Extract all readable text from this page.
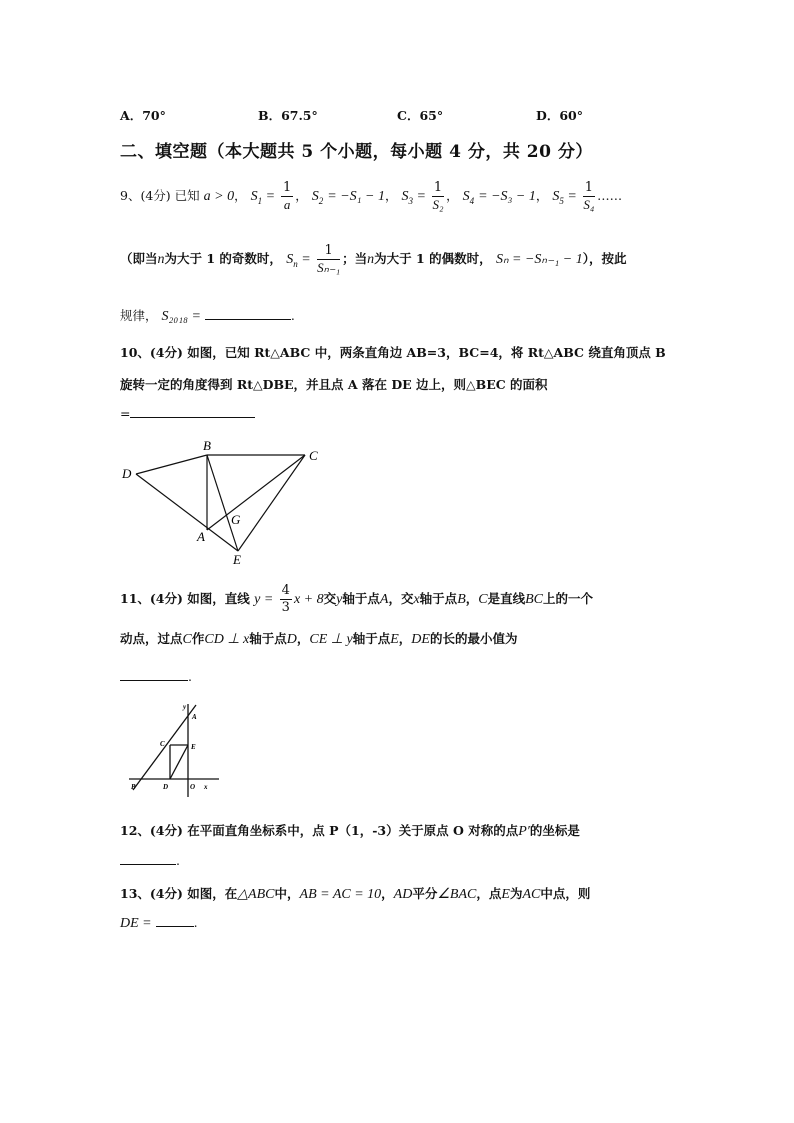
A．70°	B．67.5°	C．65°	D．60°
二、填空题（本大题共 5 个小题，每小题 4 分，共 20 分）
9、(4分) 已知 a > 0， $S_1 = \frac{1}{a}$ ， $S_2 = -S_1 - 1$， $S_3 = \frac{1}{\text{S₂}}$ ， $S_4 = -S_3 - 1$， $S_5 = \frac{1}{\text{S₄}}$ ……
（即当n为大于 1 的奇数时， $S_n = \frac{1}{\text{Sₙ₋₁}}$ ；当n为大于 1 的偶数时， Sₙ = −Sₙ₋₁ − 1），按此
规律， S₂₀₁₈ =	.
10、(4分) 如图，已知 Rt△ABC 中，两条直角边 AB=3，BC=4，将 Rt△ABC 绕直角顶点 B
旋转一定的角度得到 Rt△DBE，并且点 A 落在 DE 边上，则△BEC 的面积
=
B
C
D
A
G
E
11、(4分) 如图，直线 $y = \frac{4}{3}$ x + 8交y轴于点A，交x轴于点B，C是直线BC上的一个
动点，过点C作CD ⊥ x轴于点D，CE ⊥ y轴于点E，DE的长的最小值为
.
y
A
C	E
B	D	O x
12、(4分) 在平面直角坐标系中，点 P（1，-3）关于原点 O 对称的点P′的坐标是
.
13、(4分) 如图，在△ABC中，AB = AC = 10，AD平分∠BAC，点E为AC中点，则
DE =	.
